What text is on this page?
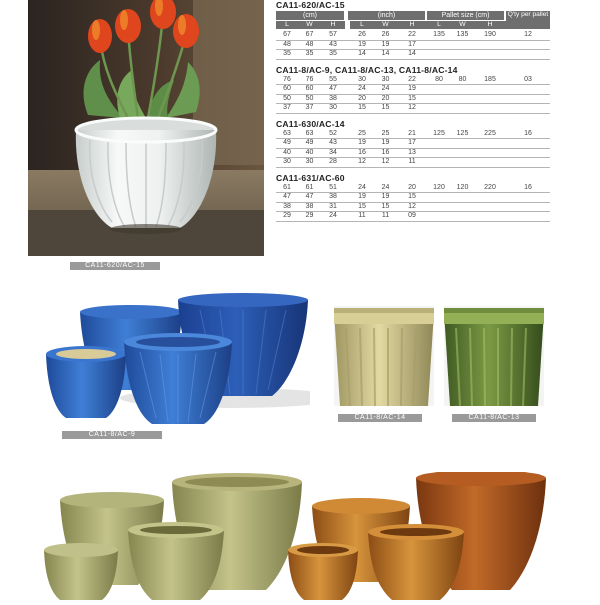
CA11-620/AC-15
CA11-620/AC-15
(cm)	(inch)	Pallet size (cm)	Q'ty per pallet
L	W	H	L	W	H	L	W	H
67	67	57	26	26	22	135	135	190	12
48	48	43	19	19	17
35	35	35	14	14	14
CA11-8/AC-9, CA11-8/AC-13, CA11-8/AC-14
76	76	55	30	30	22	80	80	185	03
60	60	47	24	24	19
50	50	38	20	20	15
37	37	30	15	15	12
CA11-630/AC-14
63	63	52	25	25	21	125	125	225	16
49	49	43	19	19	17
40	40	34	16	16	13
30	30	28	12	12	11
CA11-631/AC-60
61	61	51	24	24	20	120	120	220	16
47	47	38	19	19	15
38	38	31	15	15	12
29	29	24	11	11	09
CA11-8/AC-9
CA11-8/AC-14	CA11-8/AC-13
